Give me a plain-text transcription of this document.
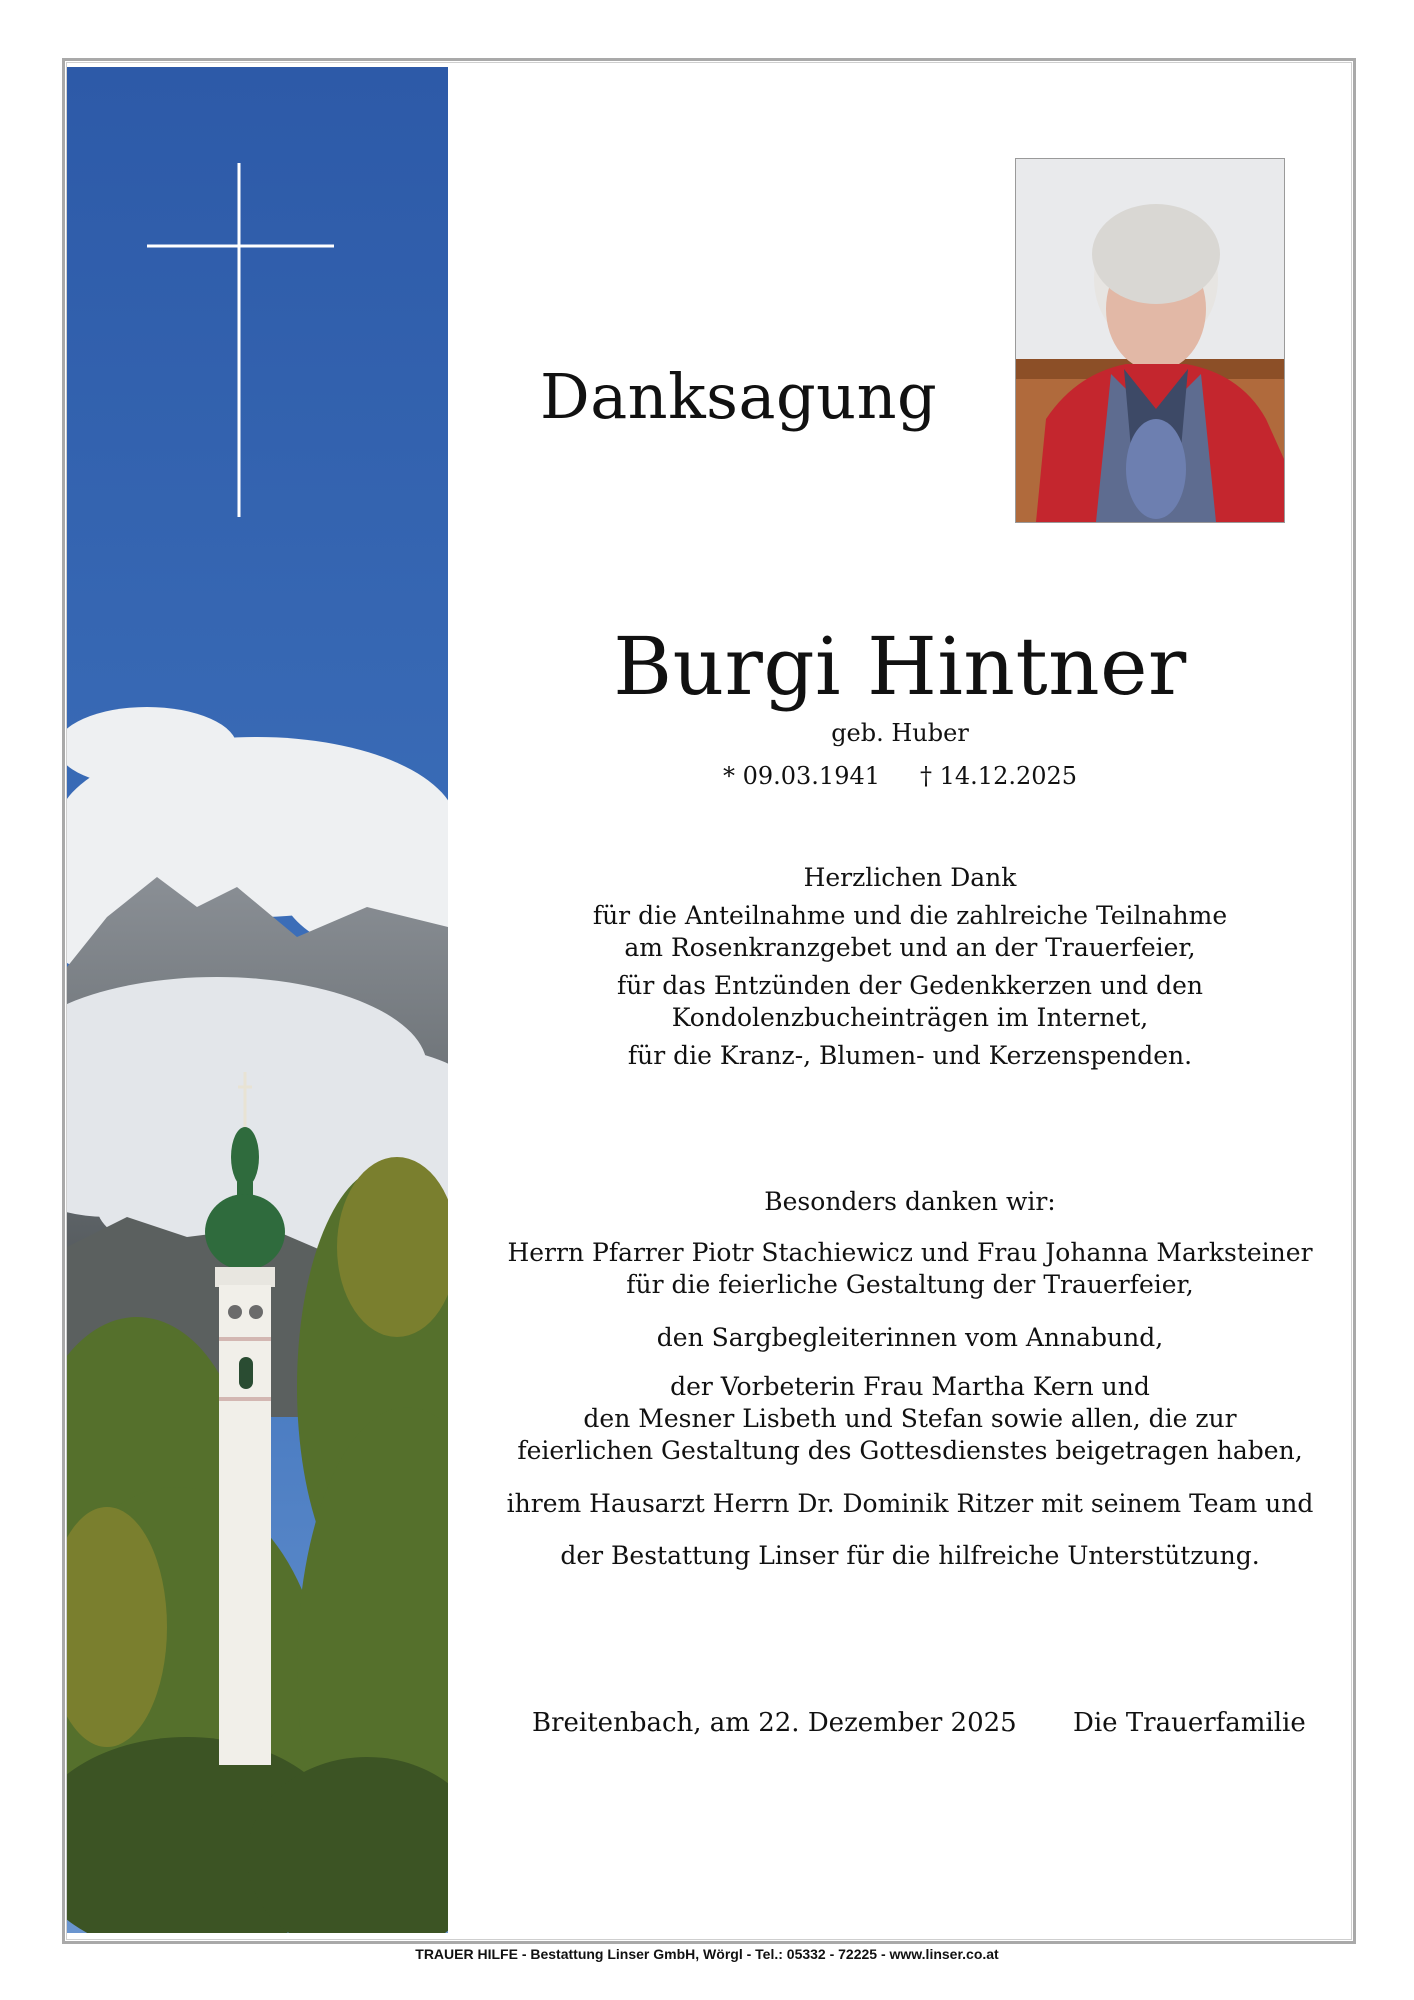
Danksagung
Burgi Hintner
geb. Huber
* 09.03.1941 † 14.12.2025

Herzlichen Dank

für die Anteilnahme und die zahlreiche Teilnahme

am Rosenkranzgebet und an der Trauerfeier,

für das Entzünden der Gedenkkerzen und den

Kondolenzbucheinträgen im Internet,

für die Kranz-, Blumen- und Kerzenspenden.

Besonders danken wir:

Herrn Pfarrer Piotr Stachiewicz und Frau Johanna Marksteiner

für die feierliche Gestaltung der Trauerfeier,

den Sargbegleiterinnen vom Annabund,

der Vorbeterin Frau Martha Kern und

den Mesner Lisbeth und Stefan sowie allen, die zur

feierlichen Gestaltung des Gottesdienstes beigetragen haben,

ihrem Hausarzt Herrn Dr. Dominik Ritzer mit seinem Team und
der Bestattung Linser für die hilfreiche Unterstützung.
Breitenbach, am 22. Dezember 2025 Die Trauerfamilie
TRAUER HILFE - Bestattung Linser GmbH, Wörgl - Tel.: 05332 - 72225 - www.linser.co.at
